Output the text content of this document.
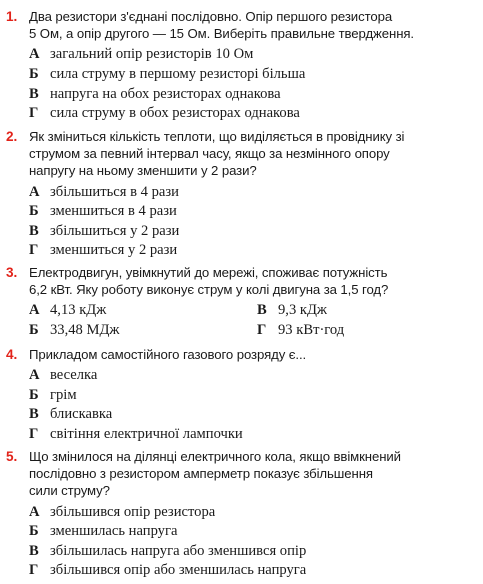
1. Два резистори з'єднані послідовно. Опір першого резистора
5 Ом, а опір другого — 15 Ом. Виберіть правильне твердження.
А загальний опір резисторів 10 Ом
Б сила струму в першому резисторі більша
В напруга на обох резисторах однакова
Г сила струму в обох резисторах однакова
2. Як зміниться кількість теплоти, що виділяється в провіднику зі
струмом за певний інтервал часу, якщо за незмінного опору
напругу на ньому зменшити у 2 рази?
А збільшиться в 4 рази
Б зменшиться в 4 рази
В збільшиться у 2 рази
Г зменшиться у 2 рази
3. Електродвигун, увімкнутий до мережі, споживає потужність
6,2 кВт. Яку роботу виконує струм у колі двигуна за 1,5 год?
А 4,13 кДж	В 9,3 кДж
Б 33,48 МДж	Г 93 кВт·год
4. Прикладом самостійного газового розряду є...
А веселка
Б грім
В блискавка
Г світіння електричної лампочки
5. Що змінилося на ділянці електричного кола, якщо ввімкнений
послідовно з резистором амперметр показує збільшення
сили струму?
А збільшився опір резистора
Б зменшилась напруга
В збільшилась напруга або зменшився опір
Г збільшився опір або зменшилась напруга
